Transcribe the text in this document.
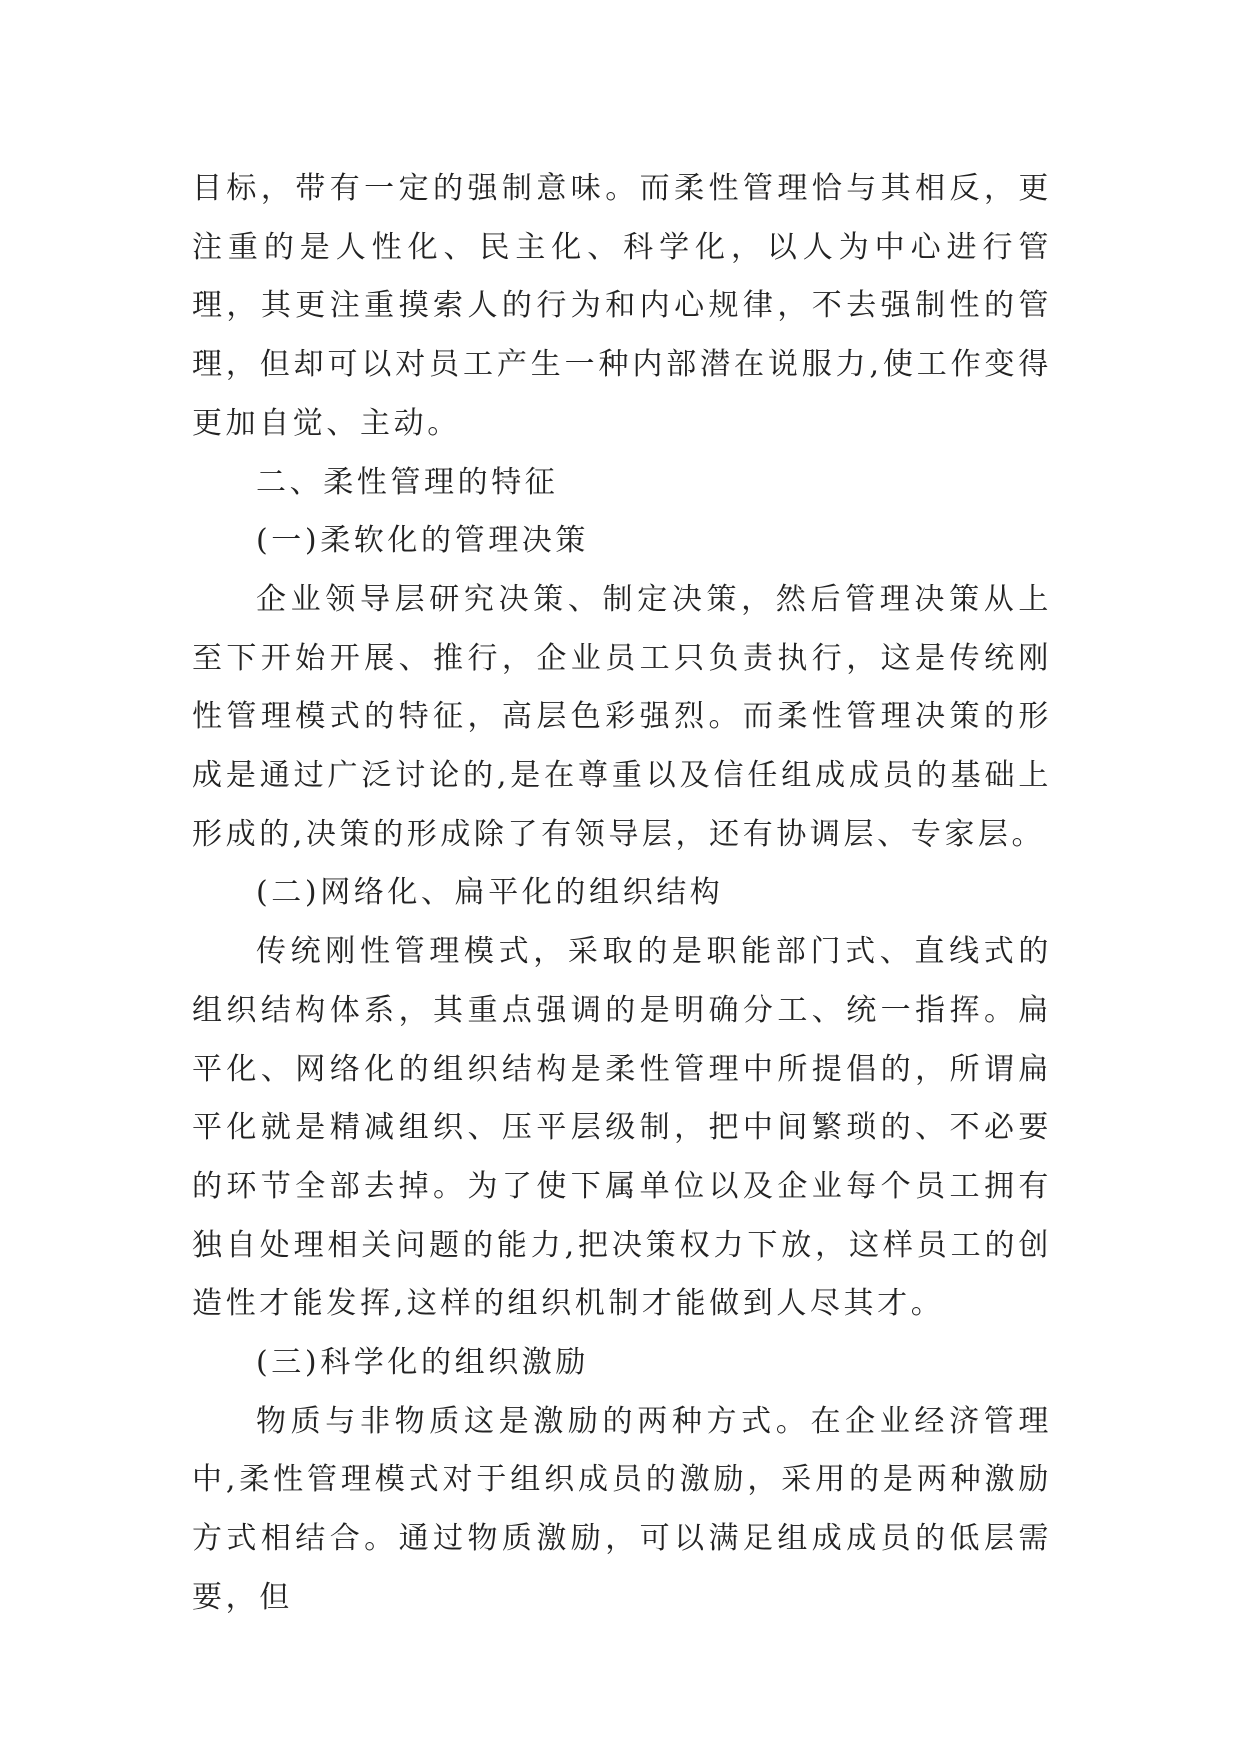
目标，带有一定的强制意味。而柔性管理恰与其相反，更注重的是人性化、民主化、科学化，以人为中心进行管理，其更注重摸索人的行为和内心规律，不去强制性的管理，但却可以对员工产生一种内部潜在说服力,使工作变得更加自觉、主动。

二、柔性管理的特征
(一)柔软化的管理决策

企业领导层研究决策、制定决策，然后管理决策从上至下开始开展、推行，企业员工只负责执行，这是传统刚性管理模式的特征，高层色彩强烈。而柔性管理决策的形成是通过广泛讨论的,是在尊重以及信任组成成员的基础上形成的,决策的形成除了有领导层，还有协调层、专家层。

(二)网络化、扁平化的组织结构

传统刚性管理模式，采取的是职能部门式、直线式的组织结构体系，其重点强调的是明确分工、统一指挥。扁平化、网络化的组织结构是柔性管理中所提倡的，所谓扁平化就是精减组织、压平层级制，把中间繁琐的、不必要的环节全部去掉。为了使下属单位以及企业每个员工拥有独自处理相关问题的能力,把决策权力下放，这样员工的创造性才能发挥,这样的组织机制才能做到人尽其才。

(三)科学化的组织激励

物质与非物质这是激励的两种方式。在企业经济管理中,柔性管理模式对于组织成员的激励，采用的是两种激励方式相结合。通过物质激励，可以满足组成成员的低层需要，但
